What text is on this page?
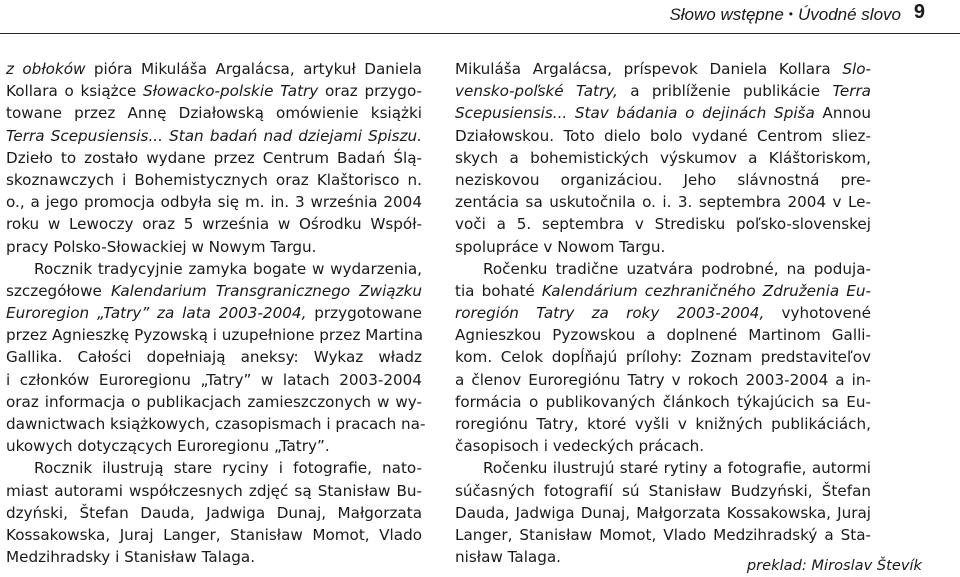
Słowo wstępne • Úvodné slovo 9
z obłoków pióra Mikuláša Argalácsa, artykuł Daniela
Kollara o książce Słowacko-polskie Tatry oraz przygo-
towane przez Annę Działowską omówienie książki
Terra Scepusiensis... Stan badań nad dziejami Spiszu.
Dzieło to zostało wydane przez Centrum Badań Ślą-
skoznawczych i Bohemistycznych oraz Klaštorisco n.
o., a jego promocja odbyła się m. in. 3 września 2004
roku w Lewoczy oraz 5 września w Ośrodku Współ-
pracy Polsko-Słowackiej w Nowym Targu.
Rocznik tradycyjnie zamyka bogate w wydarzenia,
szczegółowe Kalendarium Transgranicznego Związku
Euroregion „Tatry” za lata 2003-2004, przygotowane
przez Agnieszkę Pyzowską i uzupełnione przez Martina
Gallika. Całości dopełniają aneksy: Wykaz władz
i członków Euroregionu „Tatry” w latach 2003-2004
oraz informacja o publikacjach zamieszczonych w wy-
dawnictwach książkowych, czasopismach i pracach na-
ukowych dotyczących Euroregionu „Tatry”.
Rocznik ilustrują stare ryciny i fotografie, nato-
miast autorami współczesnych zdjęć są Stanisław Bu-
dzyński, Štefan Dauda, Jadwiga Dunaj, Małgorzata
Kossakowska, Juraj Langer, Stanisław Momot, Vlado
Medzihradsky i Stanisław Talaga.
Mikuláša Argalácsa, príspevok Daniela Kollara Slo-
vensko-poľské Tatry, a priblíženie publikácie Terra
Scepusiensis... Stav bádania o dejinách Spiša Annou
Działowskou. Toto dielo bolo vydané Centrom sliez-
skych a bohemistických výskumov a Kláštoriskom,
neziskovou organizáciou. Jeho slávnostná pre-
zentácia sa uskutočnila o. i. 3. septembra 2004 v Le-
voči a 5. septembra v Stredisku poľsko-slovenskej
spolupráce v Nowom Targu.
Ročenku tradične uzatvára podrobné, na poduja-
tia bohaté Kalendárium cezhraničného Združenia Eu-
roregión Tatry za roky 2003-2004, vyhotovené
Agnieszkou Pyzowskou a doplnené Martinom Galli-
kom. Celok dopĺňajú prílohy: Zoznam predstaviteľov
a členov Euroregiónu Tatry v rokoch 2003-2004 a in-
formácia o publikovaných článkoch týkajúcich sa Eu-
roregiónu Tatry, ktoré vyšli v knižných publikáciách,
časopisoch i vedeckých prácach.
Ročenku ilustrujú staré rytiny a fotografie, autormi
súčasných fotografií sú Stanisław Budzyński, Štefan
Dauda, Jadwiga Dunaj, Małgorzata Kossakowska, Juraj
Langer, Stanisław Momot, Vlado Medzihradský a Sta-
nisław Talaga.	preklad: Miroslav Števík
